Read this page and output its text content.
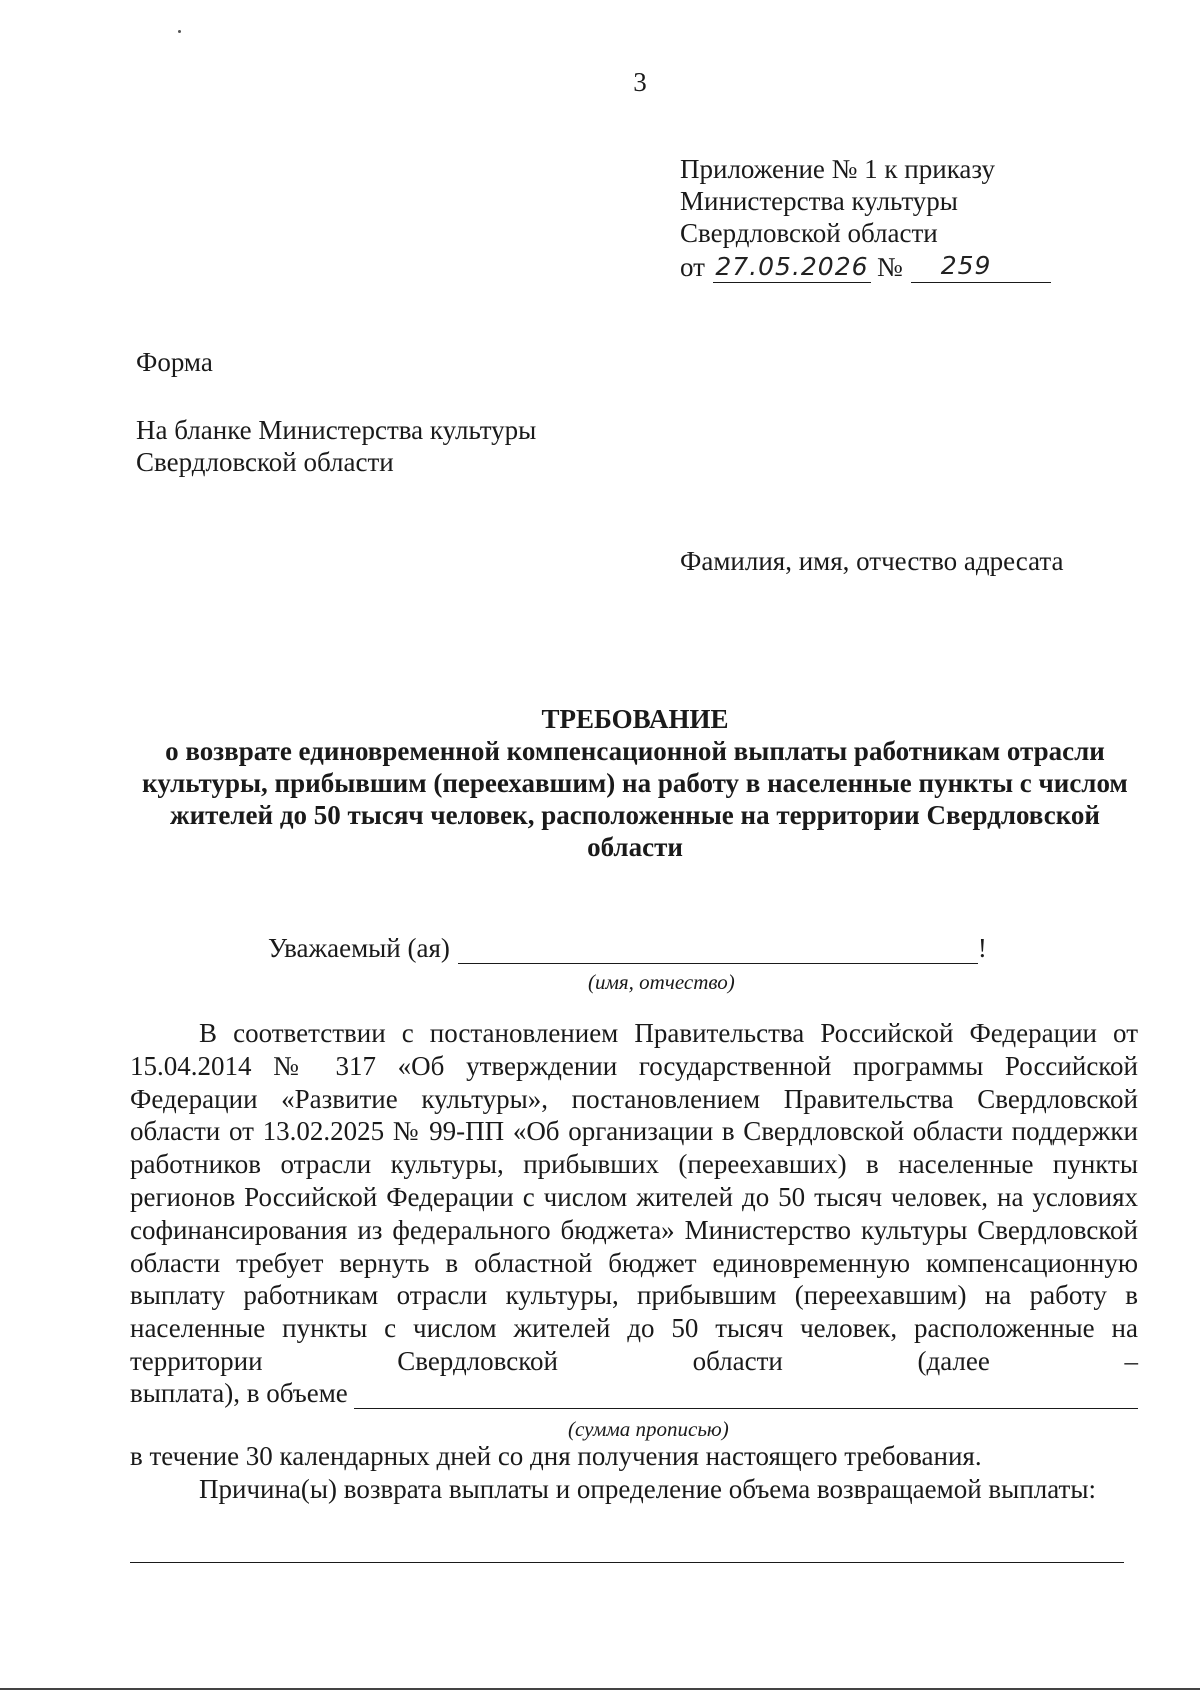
3
Приложение № 1 к приказу
Министерства культуры
Свердловской области
от 27.05.2026 №	259
Форма
На бланке Министерства культуры
Свердловской области
Фамилия, имя, отчество адресата
ТРЕБОВАНИЕ
о возврате единовременной компенсационной выплаты работникам отрасли культуры, прибывшим (переехавшим) на работу в населенные пункты с числом жителей до 50 тысяч человек, расположенные на территории Свердловской области
Уважаемый (ая)	!
(имя, отчество)
В соответствии с постановлением Правительства Российской Федерации от 15.04.2014 № 317 «Об утверждении государственной программы Российской Федерации «Развитие культуры», постановлением Правительства Свердловской области от 13.02.2025 № 99-ПП «Об организации в Свердловской области поддержки работников отрасли культуры, прибывших (переехавших) в населенные пункты регионов Российской Федерации с числом жителей до 50 тысяч человек, на условиях софинансирования из федерального бюджета» Министерство культуры Свердловской области требует вернуть в областной бюджет единовременную компенсационную выплату работникам отрасли культуры, прибывшим (переехавшим) на работу в населенные пункты с числом жителей до 50 тысяч человек, расположенные на территории Свердловской области (далее –
выплата), в объеме
(сумма прописью)
в течение 30 календарных дней со дня получения настоящего требования.
Причина(ы) возврата выплаты и определение объема возвращаемой выплаты:
